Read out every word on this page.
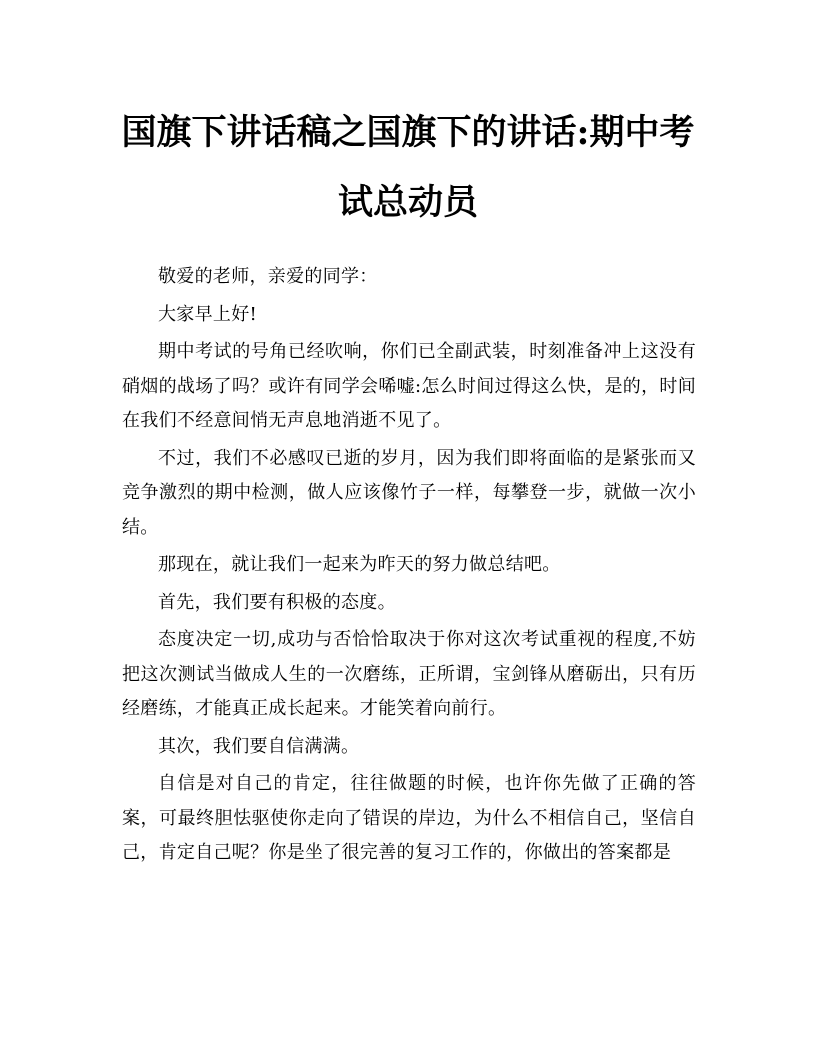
国旗下讲话稿之国旗下的讲话:期中考试总动员

敬爱的老师，亲爱的同学：

大家早上好!

期中考试的号角已经吹响，你们已全副武装，时刻准备冲上这没有硝烟的战场了吗？或许有同学会唏嘘:怎么时间过得这么快，是的，时间在我们不经意间悄无声息地消逝不见了。

不过，我们不必感叹已逝的岁月，因为我们即将面临的是紧张而又竞争激烈的期中检测，做人应该像竹子一样，每攀登一步，就做一次小结。

那现在，就让我们一起来为昨天的努力做总结吧。

首先，我们要有积极的态度。

态度决定一切,成功与否恰恰取决于你对这次考试重视的程度,不妨把这次测试当做成人生的一次磨练，正所谓，宝剑锋从磨砺出，只有历经磨练，才能真正成长起来。才能笑着向前行。

其次，我们要自信满满。

自信是对自己的肯定，往往做题的时候，也许你先做了正确的答案，可最终胆怯驱使你走向了错误的岸边，为什么不相信自己，坚信自己，肯定自己呢？你是坐了很完善的复习工作的，你做出的答案都是
